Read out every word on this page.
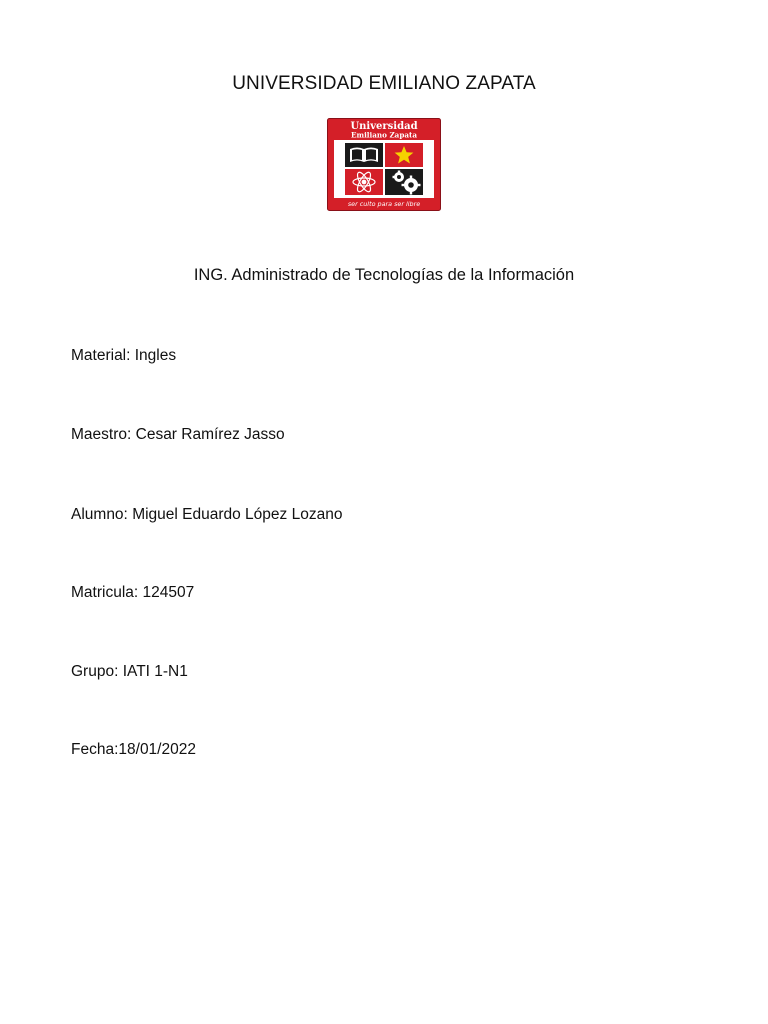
UNIVERSIDAD EMILIANO ZAPATA
Universidad
Emiliano Zapata
ser culto para ser libre
ING. Administrado de Tecnologías de la Información
Material: Ingles
Maestro: Cesar Ramírez Jasso
Alumno: Miguel Eduardo López Lozano
Matricula: 124507
Grupo: IATI 1-N1
Fecha:18/01/2022
